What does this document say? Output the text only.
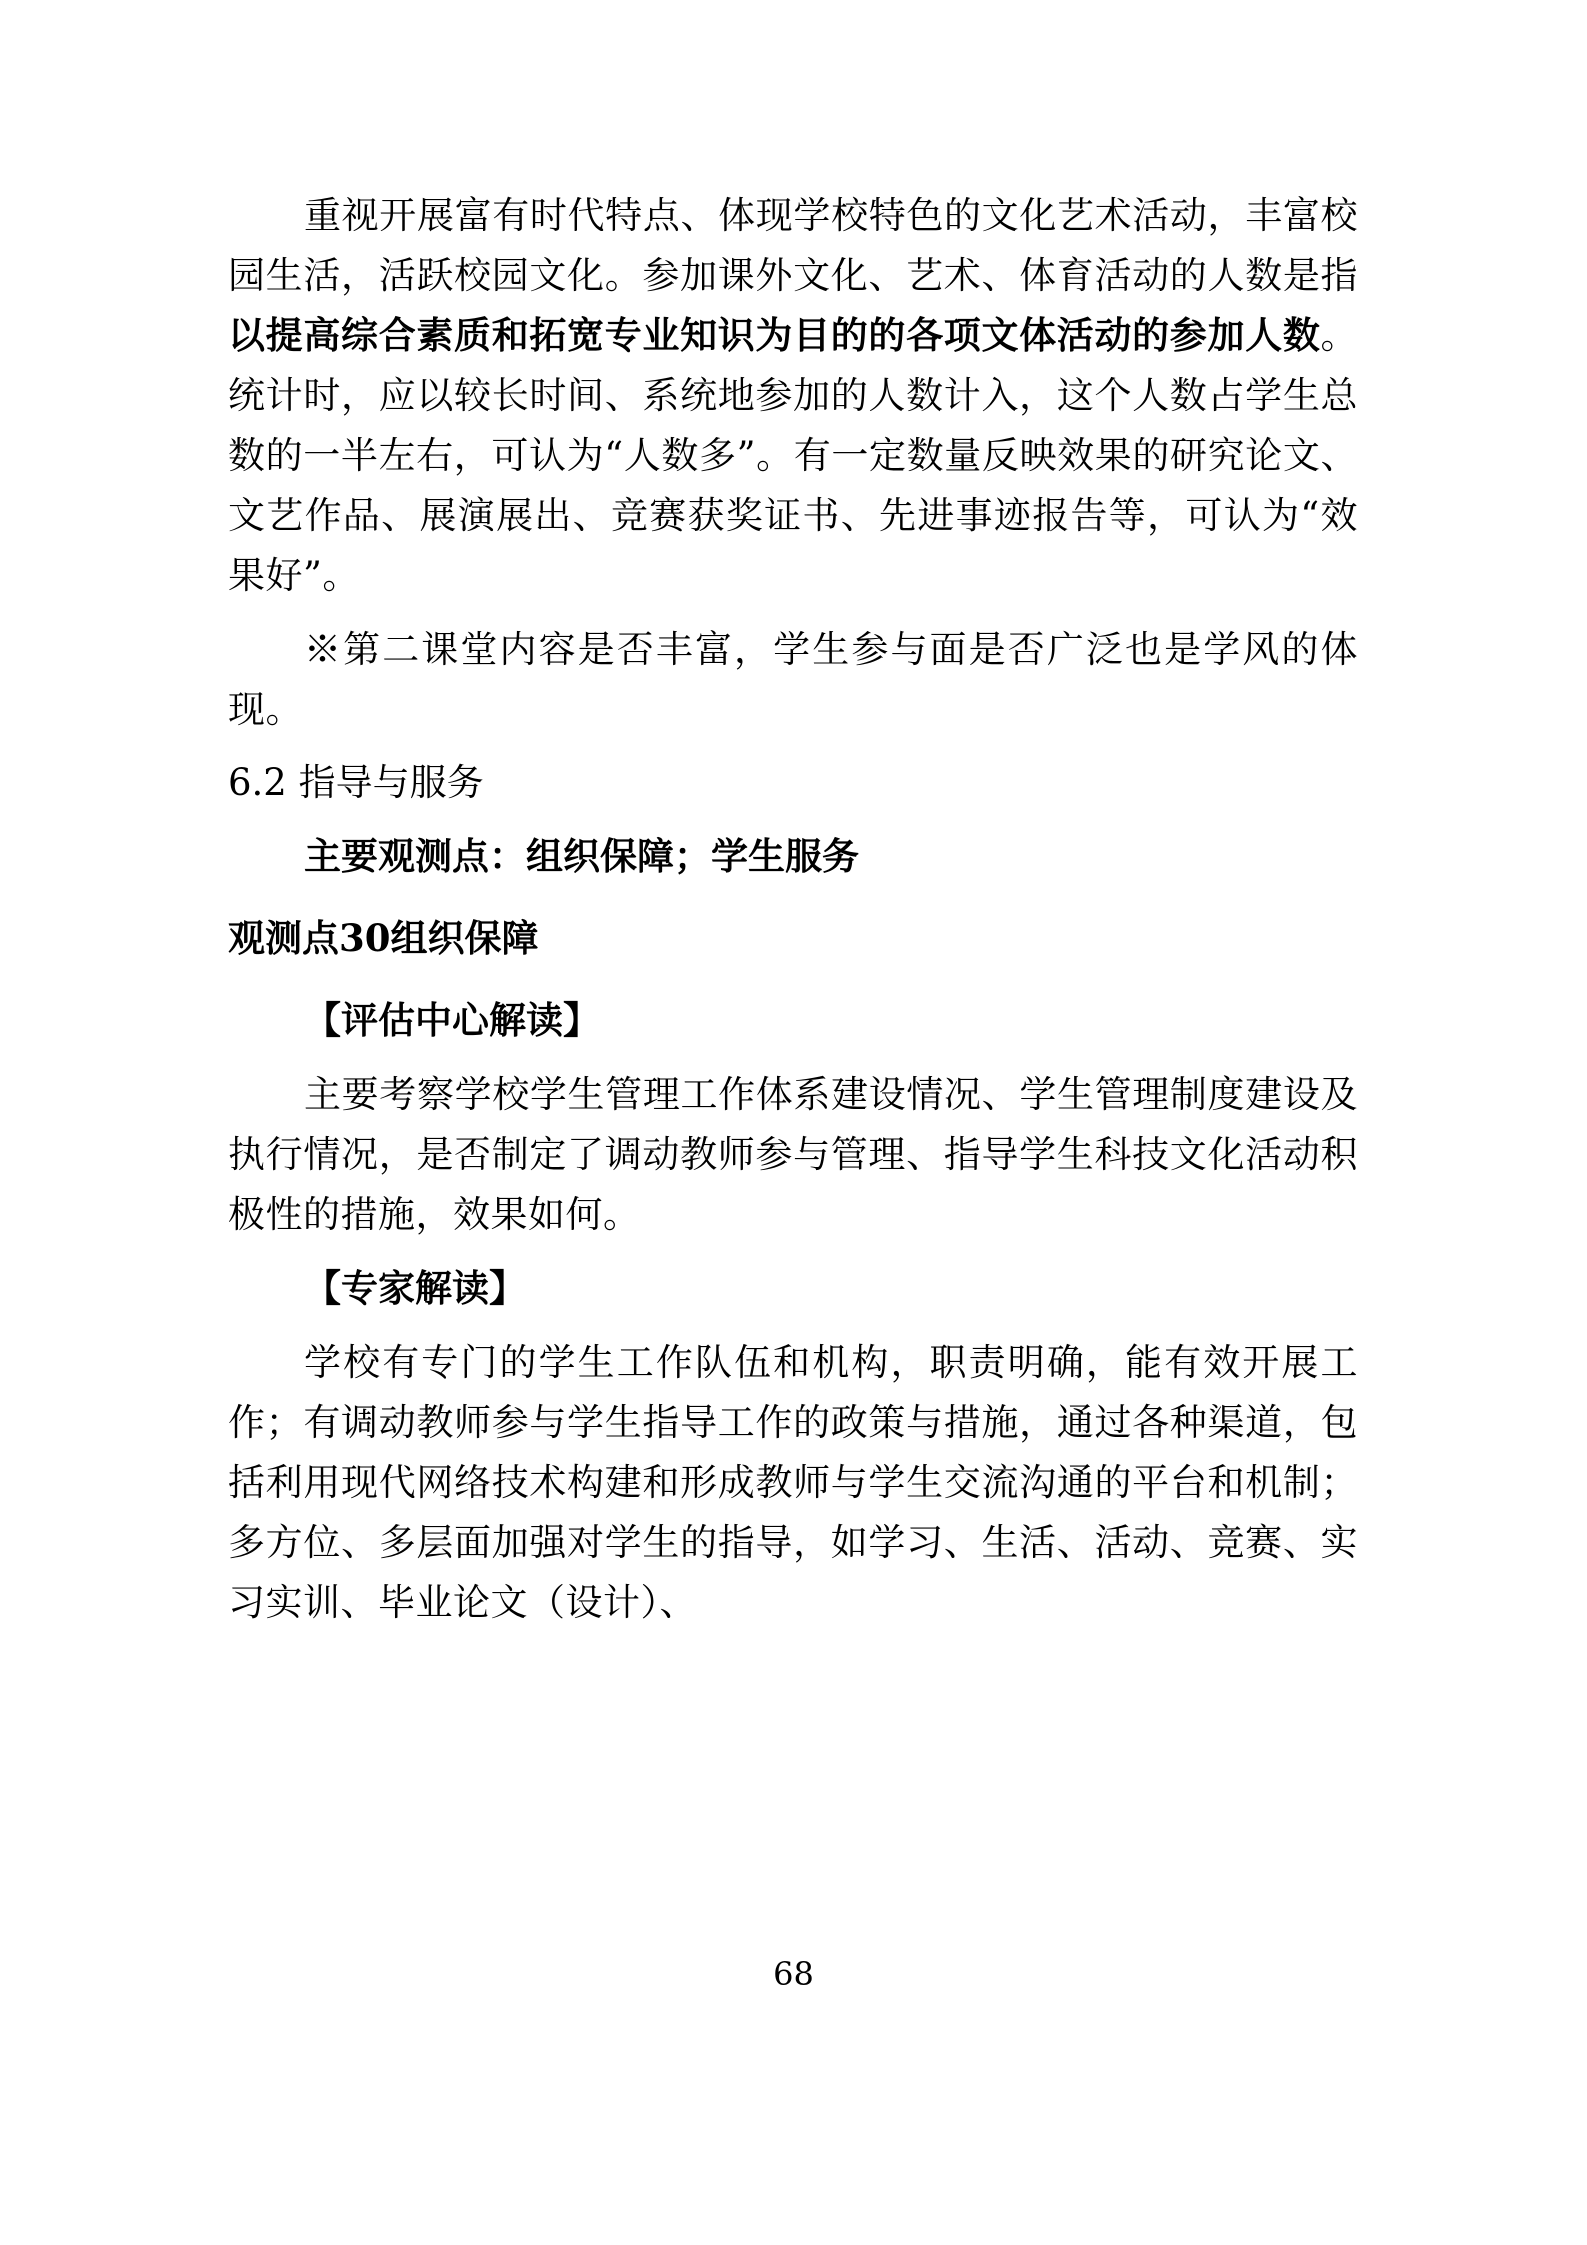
重视开展富有时代特点、体现学校特色的文化艺术活动，丰富校园生活，活跃校园文化。参加课外文化、艺术、体育活动的人数是指以提高综合素质和拓宽专业知识为目的的各项文体活动的参加人数。统计时，应以较长时间、系统地参加的人数计入，这个人数占学生总数的一半左右，可认为“人数多”。有一定数量反映效果的研究论文、文艺作品、展演展出、竞赛获奖证书、先进事迹报告等，可认为“效果好”。

※第二课堂内容是否丰富，学生参与面是否广泛也是学风的体现。

6.2 指导与服务

主要观测点：组织保障；学生服务

观测点30组织保障

【评估中心解读】

主要考察学校学生管理工作体系建设情况、学生管理制度建设及执行情况，是否制定了调动教师参与管理、指导学生科技文化活动积极性的措施，效果如何。

【专家解读】

学校有专门的学生工作队伍和机构，职责明确，能有效开展工作；有调动教师参与学生指导工作的政策与措施，通过各种渠道，包括利用现代网络技术构建和形成教师与学生交流沟通的平台和机制；多方位、多层面加强对学生的指导，如学习、生活、活动、竞赛、实习实训、毕业论文（设计）、

68
